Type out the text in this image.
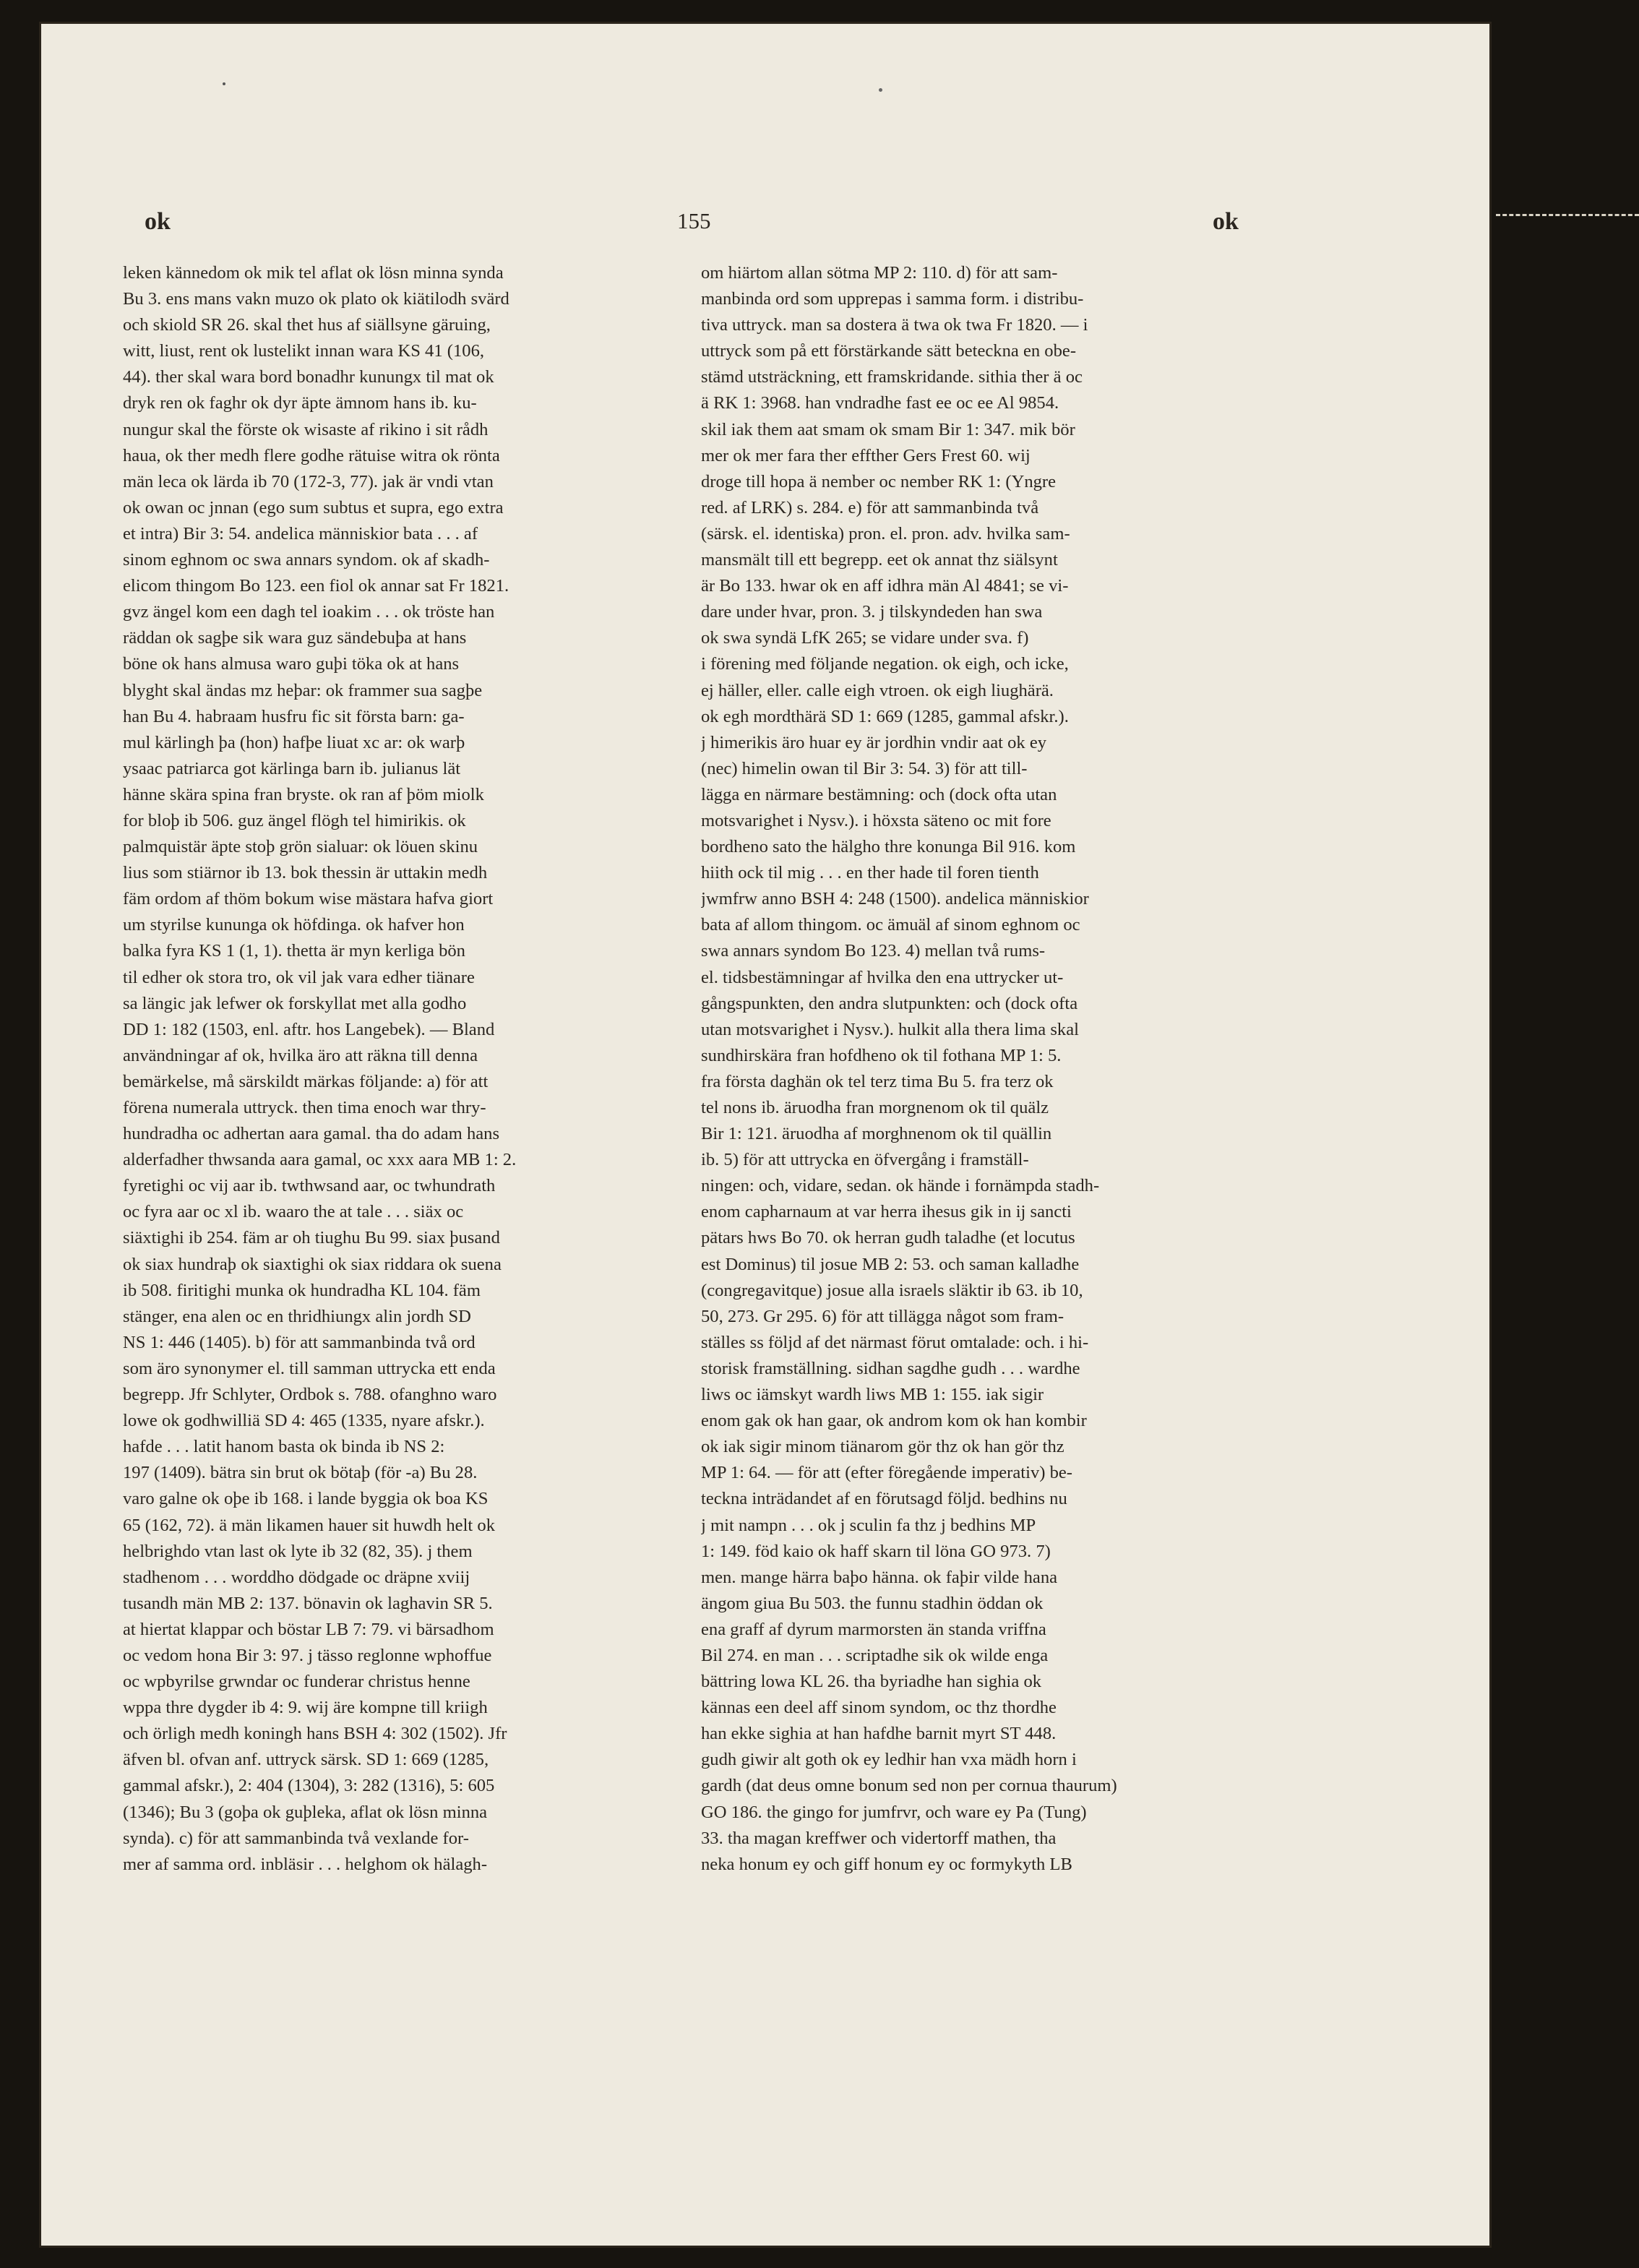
ok	155	ok
leken kännedom ok mik tel aflat ok lösn minna synda
Bu 3. ens mans vakn muzo ok plato ok kiätilodh svärd
och skiold SR 26. skal thet hus af siällsyne gäruing,
witt, liust, rent ok lustelikt innan wara KS 41 (106,
44). ther skal wara bord bonadhr kunungx til mat ok
dryk ren ok faghr ok dyr äpte ämnom hans ib. ku-
nungur skal the förste ok wisaste af rikino i sit rådh
haua, ok ther medh flere godhe rätuise witra ok rönta
män leca ok lärda ib 70 (172-3, 77). jak är vndi vtan
ok owan oc jnnan (ego sum subtus et supra, ego extra
et intra) Bir 3: 54. andelica människior bata . . . af
sinom eghnom oc swa annars syndom. ok af skadh-
elicom thingom Bo 123. een fiol ok annar sat Fr 1821.
gvz ängel kom een dagh tel ioakim . . . ok tröste han
räddan ok sagþe sik wara guz sändebuþa at hans
böne ok hans almusa waro guþi töka ok at hans
blyght skal ändas mz heþar: ok frammer sua sagþe
han Bu 4. habraam husfru fic sit första barn: ga-
mul kärlingh þa (hon) hafþe liuat xc ar: ok warþ
ysaac patriarca got kärlinga barn ib. julianus lät
hänne skära spina fran bryste. ok ran af þöm miolk
for bloþ ib 506. guz ängel flögh tel himirikis. ok
palmquistär äpte stoþ grön sialuar: ok löuen skinu
lius som stiärnor ib 13. bok thessin är uttakin medh
fäm ordom af thöm bokum wise mästara hafva giort
um styrilse kununga ok höfdinga. ok hafver hon
balka fyra KS 1 (1, 1). thetta är myn kerliga bön
til edher ok stora tro, ok vil jak vara edher tiänare
sa längic jak lefwer ok forskyllat met alla godho
DD 1: 182 (1503, enl. aftr. hos Langebek). — Bland
användningar af ok, hvilka äro att räkna till denna
bemärkelse, må särskildt märkas följande: a) för att
förena numerala uttryck. then tima enoch war thry-
hundradha oc adhertan aara gamal. tha do adam hans
alderfadher thwsanda aara gamal, oc xxx aara MB 1: 2.
fyretighi oc vij aar ib. twthwsand aar, oc twhundrath
oc fyra aar oc xl ib. waaro the at tale . . . siäx oc
siäxtighi ib 254. fäm ar oh tiughu Bu 99. siax þusand
ok siax hundraþ ok siaxtighi ok siax riddara ok suena
ib 508. firitighi munka ok hundradha KL 104. fäm
stänger, ena alen oc en thridhiungx alin jordh SD
NS 1: 446 (1405). b) för att sammanbinda två ord
som äro synonymer el. till samman uttrycka ett enda
begrepp. Jfr Schlyter, Ordbok s. 788. ofanghno waro
lowe ok godhwilliä SD 4: 465 (1335, nyare afskr.).
hafde . . . latit hanom basta ok binda ib NS 2:
197 (1409). bätra sin brut ok bötaþ (för -a) Bu 28.
varo galne ok oþe ib 168. i lande byggia ok boa KS
65 (162, 72). ä män likamen hauer sit huwdh helt ok
helbrighdo vtan last ok lyte ib 32 (82, 35). j them
stadhenom . . . worddho dödgade oc dräpne xviij
tusandh män MB 2: 137. bönavin ok laghavin SR 5.
at hiertat klappar och böstar LB 7: 79. vi bärsadhom
oc vedom hona Bir 3: 97. j tässo reglonne wphoffue
oc wpbyrilse grwndar oc funderar christus henne
wppa thre dygder ib 4: 9. wij äre kompne till kriigh
och örligh medh koningh hans BSH 4: 302 (1502). Jfr
äfven bl. ofvan anf. uttryck särsk. SD 1: 669 (1285,
gammal afskr.), 2: 404 (1304), 3: 282 (1316), 5: 605
(1346); Bu 3 (goþa ok guþleka, aflat ok lösn minna
synda). c) för att sammanbinda två vexlande for-
mer af samma ord. inbläsir . . . helghom ok hälagh-
om hiärtom allan sötma MP 2: 110. d) för att sam-
manbinda ord som upprepas i samma form. i distribu-
tiva uttryck. man sa dostera ä twa ok twa Fr 1820. — i
uttryck som på ett förstärkande sätt beteckna en obe-
stämd utsträckning, ett framskridande. sithia ther ä oc
ä RK 1: 3968. han vndradhe fast ee oc ee Al 9854.
skil iak them aat smam ok smam Bir 1: 347. mik bör
mer ok mer fara ther effther Gers Frest 60. wij
droge till hopa ä nember oc nember RK 1: (Yngre
red. af LRK) s. 284. e) för att sammanbinda två
(särsk. el. identiska) pron. el. pron. adv. hvilka sam-
mansmält till ett begrepp. eet ok annat thz siälsynt
är Bo 133. hwar ok en aff idhra män Al 4841; se vi-
dare under hvar, pron. 3. j tilskyndeden han swa
ok swa syndä LfK 265; se vidare under sva. f)
i förening med följande negation. ok eigh, och icke,
ej häller, eller. calle eigh vtroen. ok eigh liughärä.
ok egh mordthärä SD 1: 669 (1285, gammal afskr.).
j himerikis äro huar ey är jordhin vndir aat ok ey
(nec) himelin owan til Bir 3: 54. 3) för att till-
lägga en närmare bestämning: och (dock ofta utan
motsvarighet i Nysv.). i höxsta säteno oc mit fore
bordheno sato the hälgho thre konunga Bil 916. kom
hiith ock til mig . . . en ther hade til foren tienth
jwmfrw anno BSH 4: 248 (1500). andelica människior
bata af allom thingom. oc ämuäl af sinom eghnom oc
swa annars syndom Bo 123. 4) mellan två rums-
el. tidsbestämningar af hvilka den ena uttrycker ut-
gångspunkten, den andra slutpunkten: och (dock ofta
utan motsvarighet i Nysv.). hulkit alla thera lima skal
sundhirskära fran hofdheno ok til fothana MP 1: 5.
fra första daghän ok tel terz tima Bu 5. fra terz ok
tel nons ib. äruodha fran morgnenom ok til quälz
Bir 1: 121. äruodha af morghnenom ok til quällin
ib. 5) för att uttrycka en öfvergång i framställ-
ningen: och, vidare, sedan. ok hände i fornämpda stadh-
enom capharnaum at var herra ihesus gik in ij sancti
pätars hws Bo 70. ok herran gudh taladhe (et locutus
est Dominus) til josue MB 2: 53. och saman kalladhe
(congregavitque) josue alla israels släktir ib 63. ib 10,
50, 273. Gr 295. 6) för att tillägga något som fram-
ställes ss följd af det närmast förut omtalade: och. i hi-
storisk framställning. sidhan sagdhe gudh . . . wardhe
liws oc iämskyt wardh liws MB 1: 155. iak sigir
enom gak ok han gaar, ok androm kom ok han kombir
ok iak sigir minom tiänarom gör thz ok han gör thz
MP 1: 64. — för att (efter föregående imperativ) be-
teckna inträdandet af en förutsagd följd. bedhins nu
j mit nampn . . . ok j sculin fa thz j bedhins MP
1: 149. föd kaio ok haff skarn til löna GO 973. 7)
men. mange härra baþo hänna. ok faþir vilde hana
ängom giua Bu 503. the funnu stadhin öddan ok
ena graff af dyrum marmorsten än standa vriffna
Bil 274. en man . . . scriptadhe sik ok wilde enga
bättring lowa KL 26. tha byriadhe han sighia ok
kännas een deel aff sinom syndom, oc thz thordhe
han ekke sighia at han hafdhe barnit myrt ST 448.
gudh giwir alt goth ok ey ledhir han vxa mädh horn i
gardh (dat deus omne bonum sed non per cornua thaurum)
GO 186. the gingo for jumfrvr, och ware ey Pa (Tung)
33. tha magan kreffwer och vidertorff mathen, tha
neka honum ey och giff honum ey oc formykyth LB
